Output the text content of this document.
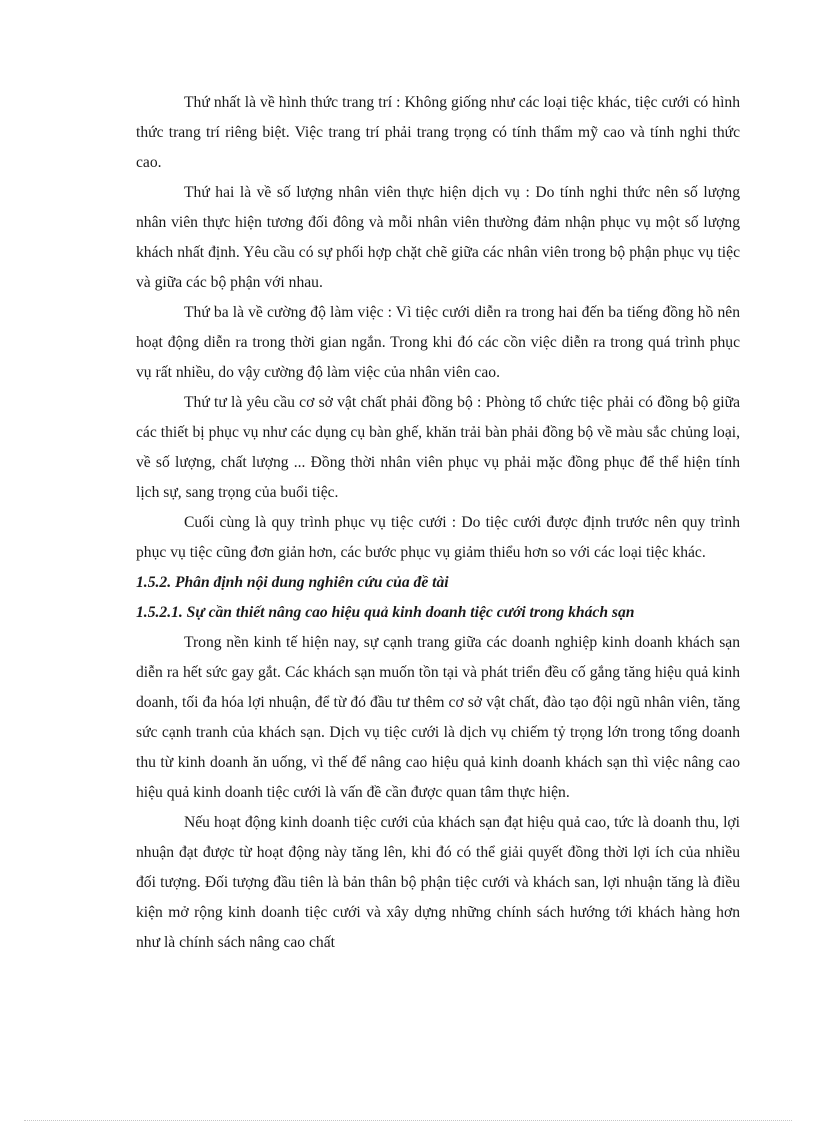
Thứ nhất là về hình thức trang trí : Không giống như các loại tiệc khác, tiệc cưới có hình thức trang trí riêng biệt. Việc trang trí phải trang trọng có tính thẩm mỹ cao và tính nghi thức cao.

Thứ hai là về số lượng nhân viên thực hiện dịch vụ : Do tính nghi thức nên số lượng nhân viên thực hiện tương đối đông và mỗi nhân viên thường đảm nhận phục vụ một số lượng khách nhất định. Yêu cầu có sự phối hợp chặt chẽ giữa các nhân viên trong bộ phận phục vụ tiệc và giữa các bộ phận với nhau.

Thứ ba là về cường độ làm việc : Vì tiệc cưới diễn ra trong hai đến ba tiếng đồng hồ nên hoạt động diễn ra trong thời gian ngắn. Trong khi đó các cồn việc diễn ra trong quá trình phục vụ rất nhiều, do vậy cường độ làm việc của nhân viên cao.

Thứ tư là yêu cầu cơ sở vật chất phải đồng bộ : Phòng tổ chức tiệc phải có đồng bộ giữa các thiết bị phục vụ như các dụng cụ bàn ghế, khăn trải bàn phải đồng bộ về màu sắc chủng loại, về số lượng, chất lượng ... Đồng thời nhân viên phục vụ phải mặc đồng phục để thể hiện tính lịch sự, sang trọng của buổi tiệc.

Cuối cùng là quy trình phục vụ tiệc cưới : Do tiệc cưới được định trước nên quy trình phục vụ tiệc cũng đơn giản hơn, các bước phục vụ giảm thiểu hơn so với các loại tiệc khác.

1.5.2. Phân định nội dung nghiên cứu của đề tài
1.5.2.1. Sự cần thiết nâng cao hiệu quả kinh doanh tiệc cưới trong khách sạn

Trong nền kinh tế hiện nay, sự cạnh trang giữa các doanh nghiệp kinh doanh khách sạn diễn ra hết sức gay gắt. Các khách sạn muốn tồn tại và phát triển đều cố gắng tăng hiệu quả kinh doanh, tối đa hóa lợi nhuận, để từ đó đầu tư thêm cơ sở vật chất, đào tạo đội ngũ nhân viên, tăng sức cạnh tranh của khách sạn. Dịch vụ tiệc cưới là dịch vụ chiếm tỷ trọng lớn trong tổng doanh thu từ kinh doanh ăn uống, vì thế để nâng cao hiệu quả kinh doanh khách sạn thì việc nâng cao hiệu quả kinh doanh tiệc cưới là vấn đề cần được quan tâm thực hiện.

Nếu hoạt động kinh doanh tiệc cưới của khách sạn đạt hiệu quả cao, tức là doanh thu, lợi nhuận đạt được từ hoạt động này tăng lên, khi đó có thể giải quyết đồng thời lợi ích của nhiều đối tượng. Đối tượng đầu tiên là bản thân bộ phận tiệc cưới và khách san, lợi nhuận tăng là điều kiện mở rộng kinh doanh tiệc cưới và xây dựng những chính sách hướng tới khách hàng hơn như là chính sách nâng cao chất
